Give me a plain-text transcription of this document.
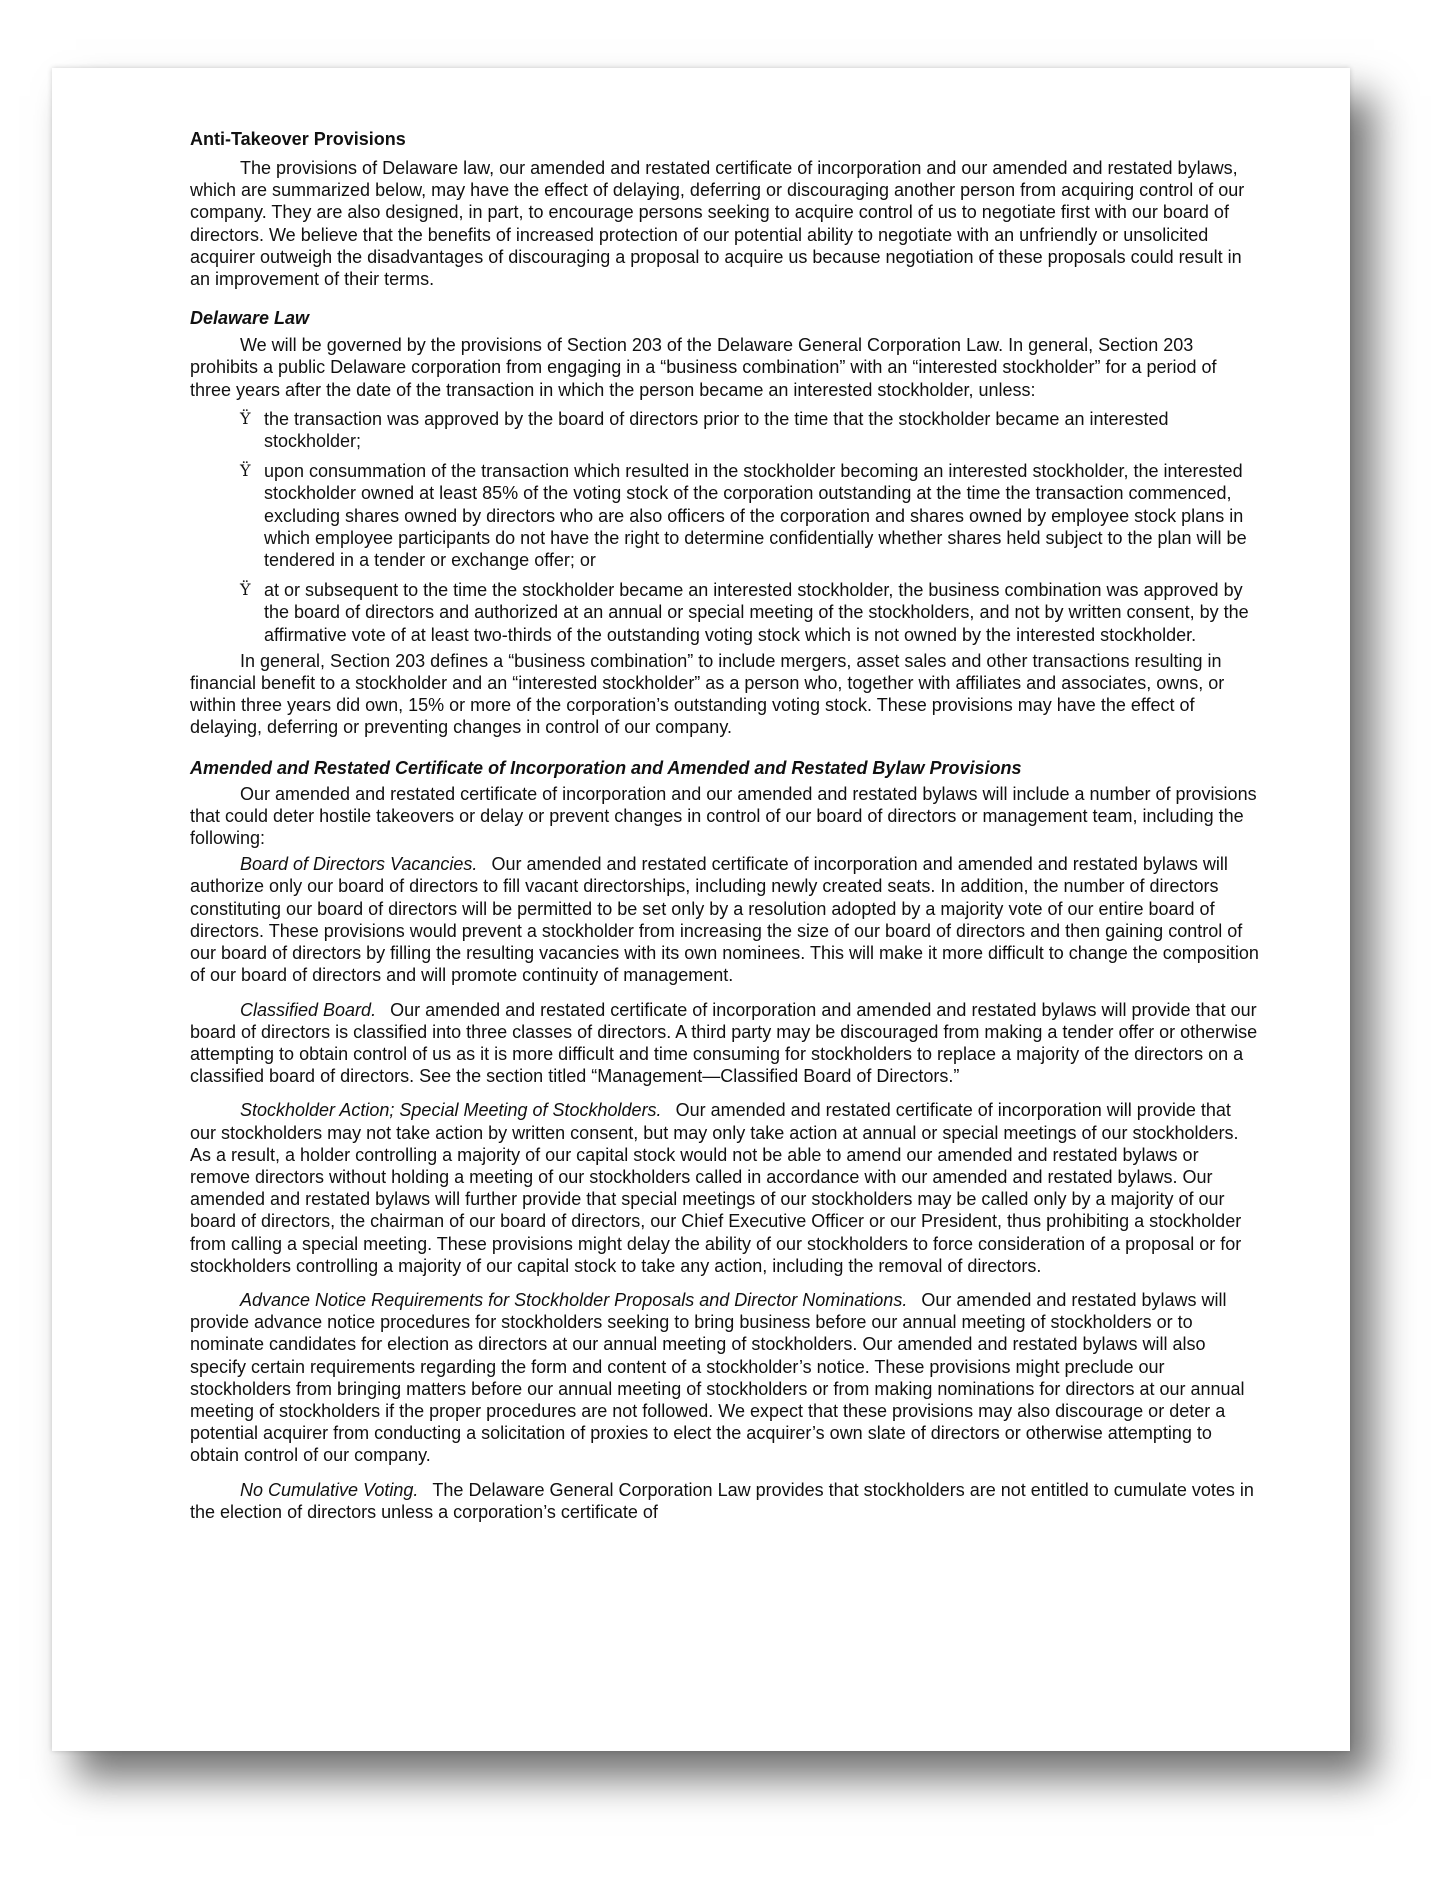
Anti-Takeover Provisions

The provisions of Delaware law, our amended and restated certificate of incorporation and our amended and restated bylaws, which are summarized below, may have the effect of delaying, deferring or discouraging another person from acquiring control of our company. They are also designed, in part, to encourage persons seeking to acquire control of us to negotiate first with our board of directors. We believe that the benefits of increased protection of our potential ability to negotiate with an unfriendly or unsolicited acquirer outweigh the disadvantages of discouraging a proposal to acquire us because negotiation of these proposals could result in an improvement of their terms.

Delaware Law

We will be governed by the provisions of Section 203 of the Delaware General Corporation Law. In general, Section 203 prohibits a public Delaware corporation from engaging in a “business combination” with an “interested stockholder” for a period of three years after the date of the transaction in which the person became an interested stockholder, unless:

Ÿ the transaction was approved by the board of directors prior to the time that the stockholder became an interested stockholder;
Ÿ upon consummation of the transaction which resulted in the stockholder becoming an interested stockholder, the interested stockholder owned at least 85% of the voting stock of the corporation outstanding at the time the transaction commenced, excluding shares owned by directors who are also officers of the corporation and shares owned by employee stock plans in which employee participants do not have the right to determine confidentially whether shares held subject to the plan will be tendered in a tender or exchange offer; or
Ÿ at or subsequent to the time the stockholder became an interested stockholder, the business combination was approved by the board of directors and authorized at an annual or special meeting of the stockholders, and not by written consent, by the affirmative vote of at least two-thirds of the outstanding voting stock which is not owned by the interested stockholder.

In general, Section 203 defines a “business combination” to include mergers, asset sales and other transactions resulting in financial benefit to a stockholder and an “interested stockholder” as a person who, together with affiliates and associates, owns, or within three years did own, 15% or more of the corporation’s outstanding voting stock. These provisions may have the effect of delaying, deferring or preventing changes in control of our company.

Amended and Restated Certificate of Incorporation and Amended and Restated Bylaw Provisions

Our amended and restated certificate of incorporation and our amended and restated bylaws will include a number of provisions that could deter hostile takeovers or delay or prevent changes in control of our board of directors or management team, including the following:

Board of Directors Vacancies. Our amended and restated certificate of incorporation and amended and restated bylaws will authorize only our board of directors to fill vacant directorships, including newly created seats. In addition, the number of directors constituting our board of directors will be permitted to be set only by a resolution adopted by a majority vote of our entire board of directors. These provisions would prevent a stockholder from increasing the size of our board of directors and then gaining control of our board of directors by filling the resulting vacancies with its own nominees. This will make it more difficult to change the composition of our board of directors and will promote continuity of management.

Classified Board. Our amended and restated certificate of incorporation and amended and restated bylaws will provide that our board of directors is classified into three classes of directors. A third party may be discouraged from making a tender offer or otherwise attempting to obtain control of us as it is more difficult and time consuming for stockholders to replace a majority of the directors on a classified board of directors. See the section titled “Management—Classified Board of Directors.”

Stockholder Action; Special Meeting of Stockholders. Our amended and restated certificate of incorporation will provide that our stockholders may not take action by written consent, but may only take action at annual or special meetings of our stockholders. As a result, a holder controlling a majority of our capital stock would not be able to amend our amended and restated bylaws or remove directors without holding a meeting of our stockholders called in accordance with our amended and restated bylaws. Our amended and restated bylaws will further provide that special meetings of our stockholders may be called only by a majority of our board of directors, the chairman of our board of directors, our Chief Executive Officer or our President, thus prohibiting a stockholder from calling a special meeting. These provisions might delay the ability of our stockholders to force consideration of a proposal or for stockholders controlling a majority of our capital stock to take any action, including the removal of directors.

Advance Notice Requirements for Stockholder Proposals and Director Nominations. Our amended and restated bylaws will provide advance notice procedures for stockholders seeking to bring business before our annual meeting of stockholders or to nominate candidates for election as directors at our annual meeting of stockholders. Our amended and restated bylaws will also specify certain requirements regarding the form and content of a stockholder’s notice. These provisions might preclude our stockholders from bringing matters before our annual meeting of stockholders or from making nominations for directors at our annual meeting of stockholders if the proper procedures are not followed. We expect that these provisions may also discourage or deter a potential acquirer from conducting a solicitation of proxies to elect the acquirer’s own slate of directors or otherwise attempting to obtain control of our company.

No Cumulative Voting. The Delaware General Corporation Law provides that stockholders are not entitled to cumulate votes in the election of directors unless a corporation’s certificate of
